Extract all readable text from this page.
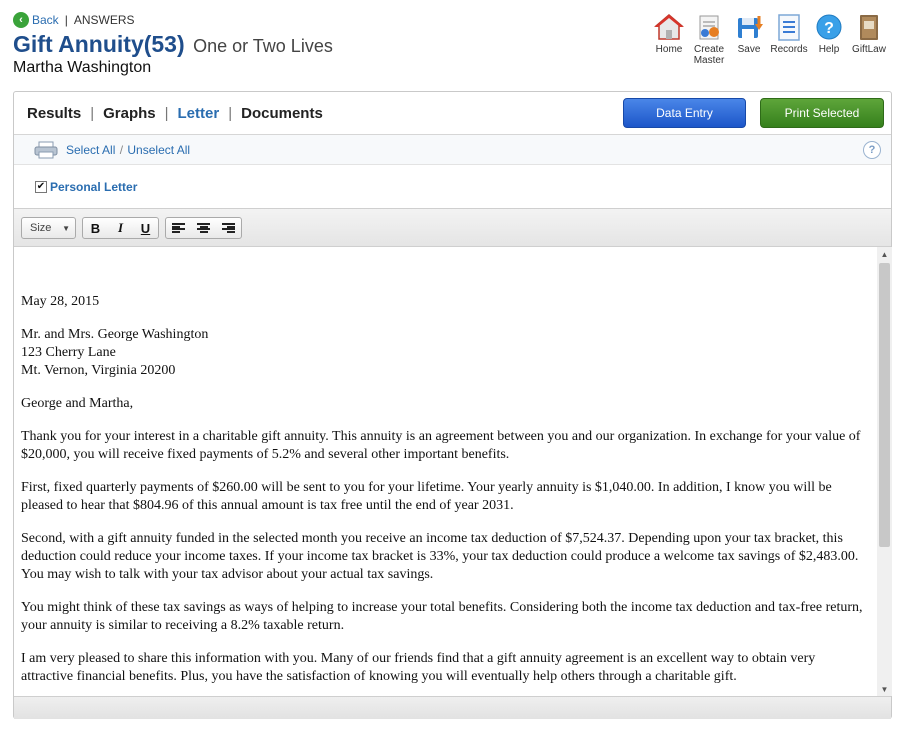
‹ Back | ANSWERS
Gift Annuity(53) One or Two Lives
Martha Washington
Home	Create Master
Save Records
?
Help GiftLaw
Results | Graphs | Letter | Documents	Data Entry	Print Selected
Select All / Unselect All	?
✔ Personal Letter
Size ▼	B	I	U

May 28, 2015

Mr. and Mrs. George Washington
123 Cherry Lane
Mt. Vernon, Virginia 20200

George and Martha,

Thank you for your interest in a charitable gift annuity. This annuity is an agreement between you and our organization. In exchange for your value of $20,000, you will receive fixed payments of 5.2% and several other important benefits.

First, fixed quarterly payments of $260.00 will be sent to you for your lifetime. Your yearly annuity is $1,040.00. In addition, I know you will be pleased to hear that $804.96 of this annual amount is tax free until the end of year 2031.

Second, with a gift annuity funded in the selected month you receive an income tax deduction of $7,524.37. Depending upon your tax bracket, this deduction could reduce your income taxes. If your income tax bracket is 33%, your tax deduction could produce a welcome tax savings of $2,483.00. You may wish to talk with your tax advisor about your actual tax savings.

You might think of these tax savings as ways of helping to increase your total benefits. Considering both the income tax deduction and tax-free return, your annuity is similar to receiving a 8.2% taxable return.

I am very pleased to share this information with you. Many of our friends find that a gift annuity agreement is an excellent way to obtain very attractive financial benefits. Plus, you have the satisfaction of knowing you will eventually help others through a charitable gift.

▲
▼
